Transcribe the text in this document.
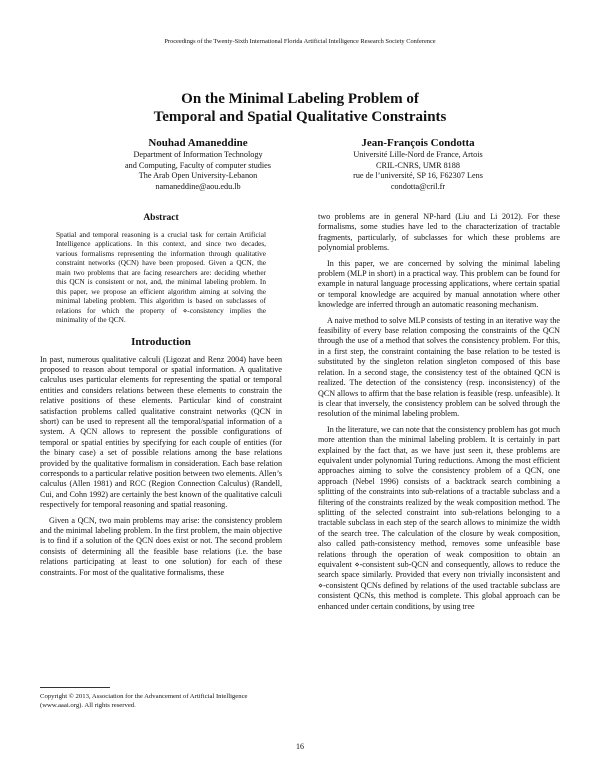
Proceedings of the Twenty-Sixth International Florida Artificial Intelligence Research Society Conference
On the Minimal Labeling Problem of
Temporal and Spatial Qualitative Constraints
Nouhad Amaneddine
Department of Information Technology
and Computing, Faculty of computer studies
The Arab Open University-Lebanon
namaneddine@aou.edu.lb
Jean-François Condotta
Université Lille-Nord de France, Artois
CRIL-CNRS, UMR 8188
rue de l’université, SP 16, F62307 Lens
condotta@cril.fr
Abstract

Spatial and temporal reasoning is a crucial task for certain Artificial Intelligence applications. In this context, and since two decades, various formalisms representing the information through qualitative constraint networks (QCN) have been proposed. Given a QCN, the main two problems that are facing researchers are: deciding whether this QCN is consistent or not, and, the minimal labeling problem. In this paper, we propose an efficient algorithm aiming at solving the minimal labeling problem. This algorithm is based on subclasses of relations for which the property of ⋄-consistency implies the minimality of the QCN.

Introduction

In past, numerous qualitative calculi (Ligozat and Renz 2004) have been proposed to reason about temporal or spatial information. A qualitative calculus uses particular elements for representing the spatial or temporal entities and considers relations between these elements to constrain the relative positions of these elements. Particular kind of constraint satisfaction problems called qualitative constraint networks (QCN in short) can be used to represent all the temporal/spatial information of a system. A QCN allows to represent the possible configurations of temporal or spatial entities by specifying for each couple of entities (for the binary case) a set of possible relations among the base relations provided by the qualitative formalism in consideration. Each base relation corresponds to a particular relative position between two elements. Allen’s calculus (Allen 1981) and RCC (Region Connection Calculus) (Randell, Cui, and Cohn 1992) are certainly the best known of the qualitative calculi respectively for temporal reasoning and spatial reasoning.

Given a QCN, two main problems may arise: the consistency problem and the minimal labeling problem. In the first problem, the main objective is to find if a solution of the QCN does exist or not. The second problem consists of determining all the feasible base relations (i.e. the base relations participating at least to one solution) for each of these constraints. For most of the qualitative formalisms, these

two problems are in general NP-hard (Liu and Li 2012). For these formalisms, some studies have led to the characterization of tractable fragments, particularly, of subclasses for which these problems are polynomial problems.

In this paper, we are concerned by solving the minimal labeling problem (MLP in short) in a practical way. This problem can be found for example in natural language processing applications, where certain spatial or temporal knowledge are acquired by manual annotation where other knowledge are inferred through an automatic reasoning mechanism.

A naive method to solve MLP consists of testing in an iterative way the feasibility of every base relation composing the constraints of the QCN through the use of a method that solves the consistency problem. For this, in a first step, the constraint containing the base relation to be tested is substituted by the singleton relation singleton composed of this base relation. In a second stage, the consistency test of the obtained QCN is realized. The detection of the consistency (resp. inconsistency) of the QCN allows to affirm that the base relation is feasible (resp. unfeasible). It is clear that inversely, the consistency problem can be solved through the resolution of the minimal labeling problem.

In the literature, we can note that the consistency problem has got much more attention than the minimal labeling problem. It is certainly in part explained by the fact that, as we have just seen it, these problems are equivalent under polynomial Turing reductions. Among the most efficient approaches aiming to solve the consistency problem of a QCN, one approach (Nebel 1996) consists of a backtrack search combining a splitting of the constraints into sub-relations of a tractable subclass and a filtering of the constraints realized by the weak composition method. The splitting of the selected constraint into sub-relations belonging to a tractable subclass in each step of the search allows to minimize the width of the search tree. The calculation of the closure by weak composition, also called path-consistency method, removes some unfeasible base relations through the operation of weak composition to obtain an equivalent ⋄-consistent sub-QCN and consequently, allows to reduce the search space similarly. Provided that every non trivially inconsistent and ⋄-consistent QCNs defined by relations of the used tractable subclass are consistent QCNs, this method is complete. This global approach can be enhanced under certain conditions, by using tree

Copyright © 2013, Association for the Advancement of Artificial Intelligence (www.aaai.org). All rights reserved.
16
